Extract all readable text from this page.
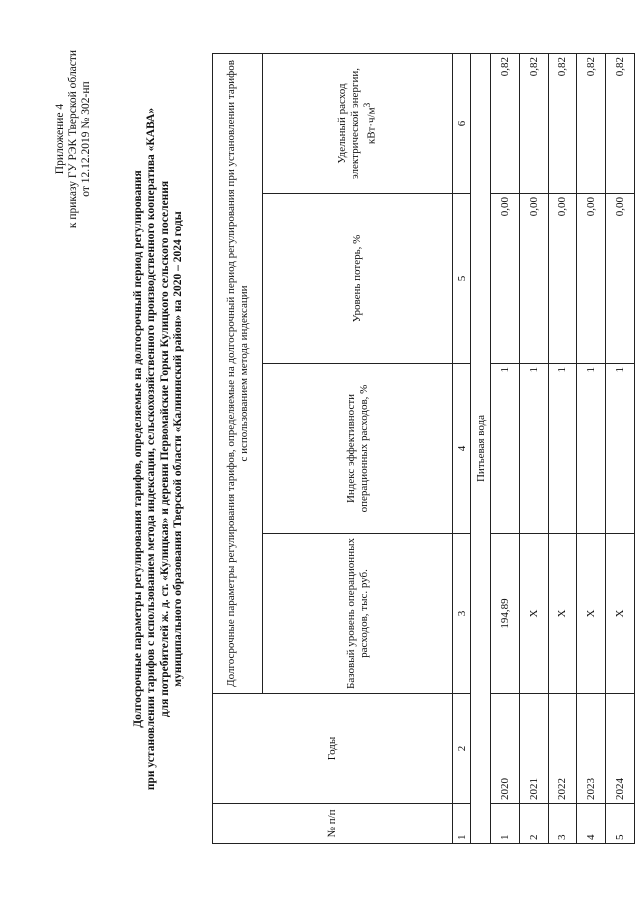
Приложение 4 к приказу ГУ РЭК Тверской области от 12.12.2019 № 302-нп
Долгосрочные параметры регулирования тарифов, определяемые на долгосрочный период регулирования при установлении тарифов с использованием метода индексации, сельскохозяйственного производственного кооператива «КАВА» для потребителей ж. д. ст. «Кулицкая» и деревни Первомайские Горки Кулицкого сельского поселения муниципального образования Тверской области «Калининский район» на 2020 – 2024 годы
№ п/п	Годы	Долгосрочные параметры регулирования тарифов, определяемые на долгосрочный период регулирования при установлении тарифов с использованием метода индексации			
		Базовый уровень операционных расходов, тыс. руб.	Индекс эффективности операционных расходов, %	Уровень потерь, %	Удельный расход электрической энергии, $кВт\cdot ч/м^3$
1	2	3	4	5	6
Питьевая вода					
1	2020	194,89	1	0,00	0,82
2	2021	Х	1	0,00	0,82
3	2022	Х	1	0,00	0,82
4	2023	Х	1	0,00	0,82
5	2024	Х	1	0,00	0,82
